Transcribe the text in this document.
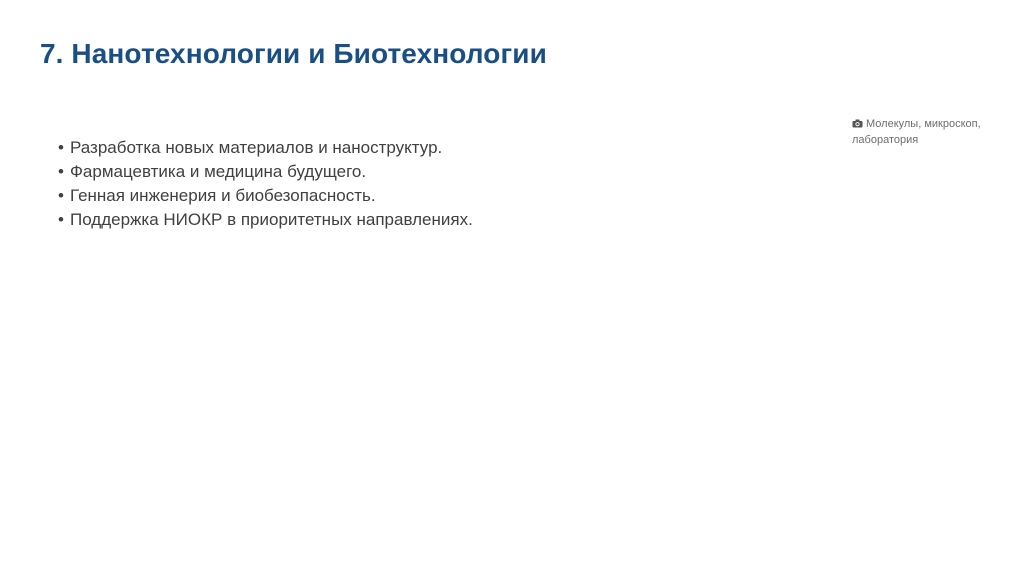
7. Нанотехнологии и Биотехнологии
• Разработка новых материалов и наноструктур.
• Фармацевтика и медицина будущего.
• Генная инженерия и биобезопасность.
• Поддержка НИОКР в приоритетных направлениях.
Молекулы, микроскоп, лаборатория
